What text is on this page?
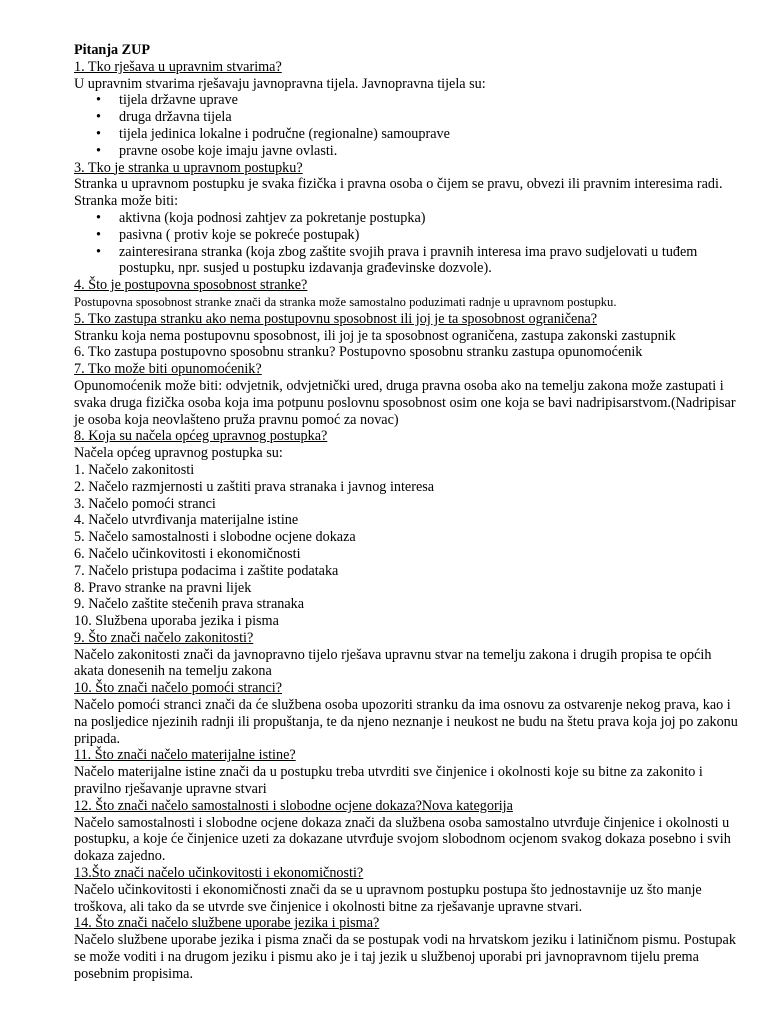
Pitanja ZUP
1. Tko rješava u upravnim stvarima?
U upravnim stvarima rješavaju javnopravna tijela. Javnopravna tijela su:
• tijela državne uprave
• druga državna tijela
• tijela jedinica lokalne i područne (regionalne) samouprave
• pravne osobe koje imaju javne ovlasti.
3. Tko je stranka u upravnom postupku?
Stranka u upravnom postupku je svaka fizička i pravna osoba o čijem se pravu, obvezi ili pravnim interesima radi. Stranka može biti:
• aktivna (koja podnosi zahtjev za pokretanje postupka)
• pasivna ( protiv koje se pokreće postupak)
• zainteresirana stranka (koja zbog zaštite svojih prava i pravnih interesa ima pravo sudjelovati u tuđem postupku, npr. susjed u postupku izdavanja građevinske dozvole).
4. Što je postupovna sposobnost stranke?
Postupovna sposobnost stranke znači da stranka može samostalno poduzimati radnje u upravnom postupku.
5. Tko zastupa stranku ako nema postupovnu sposobnost ili joj je ta sposobnost ograničena?
Stranku koja nema postupovnu sposobnost, ili joj je ta sposobnost ograničena, zastupa zakonski zastupnik
6. Tko zastupa postupovno sposobnu stranku? Postupovno sposobnu stranku zastupa opunomoćenik
7. Tko može biti opunomoćenik?
Opunomoćenik može biti: odvjetnik, odvjetnički ured, druga pravna osoba ako na temelju zakona može zastupati i svaka druga fizička osoba koja ima potpunu poslovnu sposobnost osim one koja se bavi nadripisarstvom.(Nadripisar je osoba koja neovlašteno pruža pravnu pomoć za novac)
8. Koja su načela općeg upravnog postupka?
Načela općeg upravnog postupka su:
1. Načelo zakonitosti
2. Načelo razmjernosti u zaštiti prava stranaka i javnog interesa
3. Načelo pomoći stranci
4. Načelo utvrđivanja materijalne istine
5. Načelo samostalnosti i slobodne ocjene dokaza
6. Načelo učinkovitosti i ekonomičnosti
7. Načelo pristupa podacima i zaštite podataka
8. Pravo stranke na pravni lijek
9. Načelo zaštite stečenih prava stranaka
10. Službena uporaba jezika i pisma
9. Što znači načelo zakonitosti?
Načelo zakonitosti znači da javnopravno tijelo rješava upravnu stvar na temelju zakona i drugih propisa te općih akata donesenih na temelju zakona
10. Što znači načelo pomoći stranci?
Načelo pomoći stranci znači da će službena osoba upozoriti stranku da ima osnovu za ostvarenje nekog prava, kao i na posljedice njezinih radnji ili propuštanja, te da njeno neznanje i neukost ne budu na štetu prava koja joj po zakonu pripada.
11. Što znači načelo materijalne istine?
Načelo materijalne istine znači da u postupku treba utvrditi sve činjenice i okolnosti koje su bitne za zakonito i pravilno rješavanje upravne stvari
12. Što znači načelo samostalnosti i slobodne ocjene dokaza?Nova kategorija
Načelo samostalnosti i slobodne ocjene dokaza znači da službena osoba samostalno utvrđuje činjenice i okolnosti u postupku, a koje će činjenice uzeti za dokazane utvrđuje svojom slobodnom ocjenom svakog dokaza posebno i svih dokaza zajedno.
13.Što znači načelo učinkovitosti i ekonomičnosti?
Načelo učinkovitosti i ekonomičnosti znači da se u upravnom postupku postupa što jednostavnije uz što manje troškova, ali tako da se utvrde sve činjenice i okolnosti bitne za rješavanje upravne stvari.
14. Što znači načelo službene uporabe jezika i pisma?
Načelo službene uporabe jezika i pisma znači da se postupak vodi na hrvatskom jeziku i latiničnom pismu. Postupak se može voditi i na drugom jeziku i pismu ako je i taj jezik u službenoj uporabi pri javnopravnom tijelu prema posebnim propisima.
